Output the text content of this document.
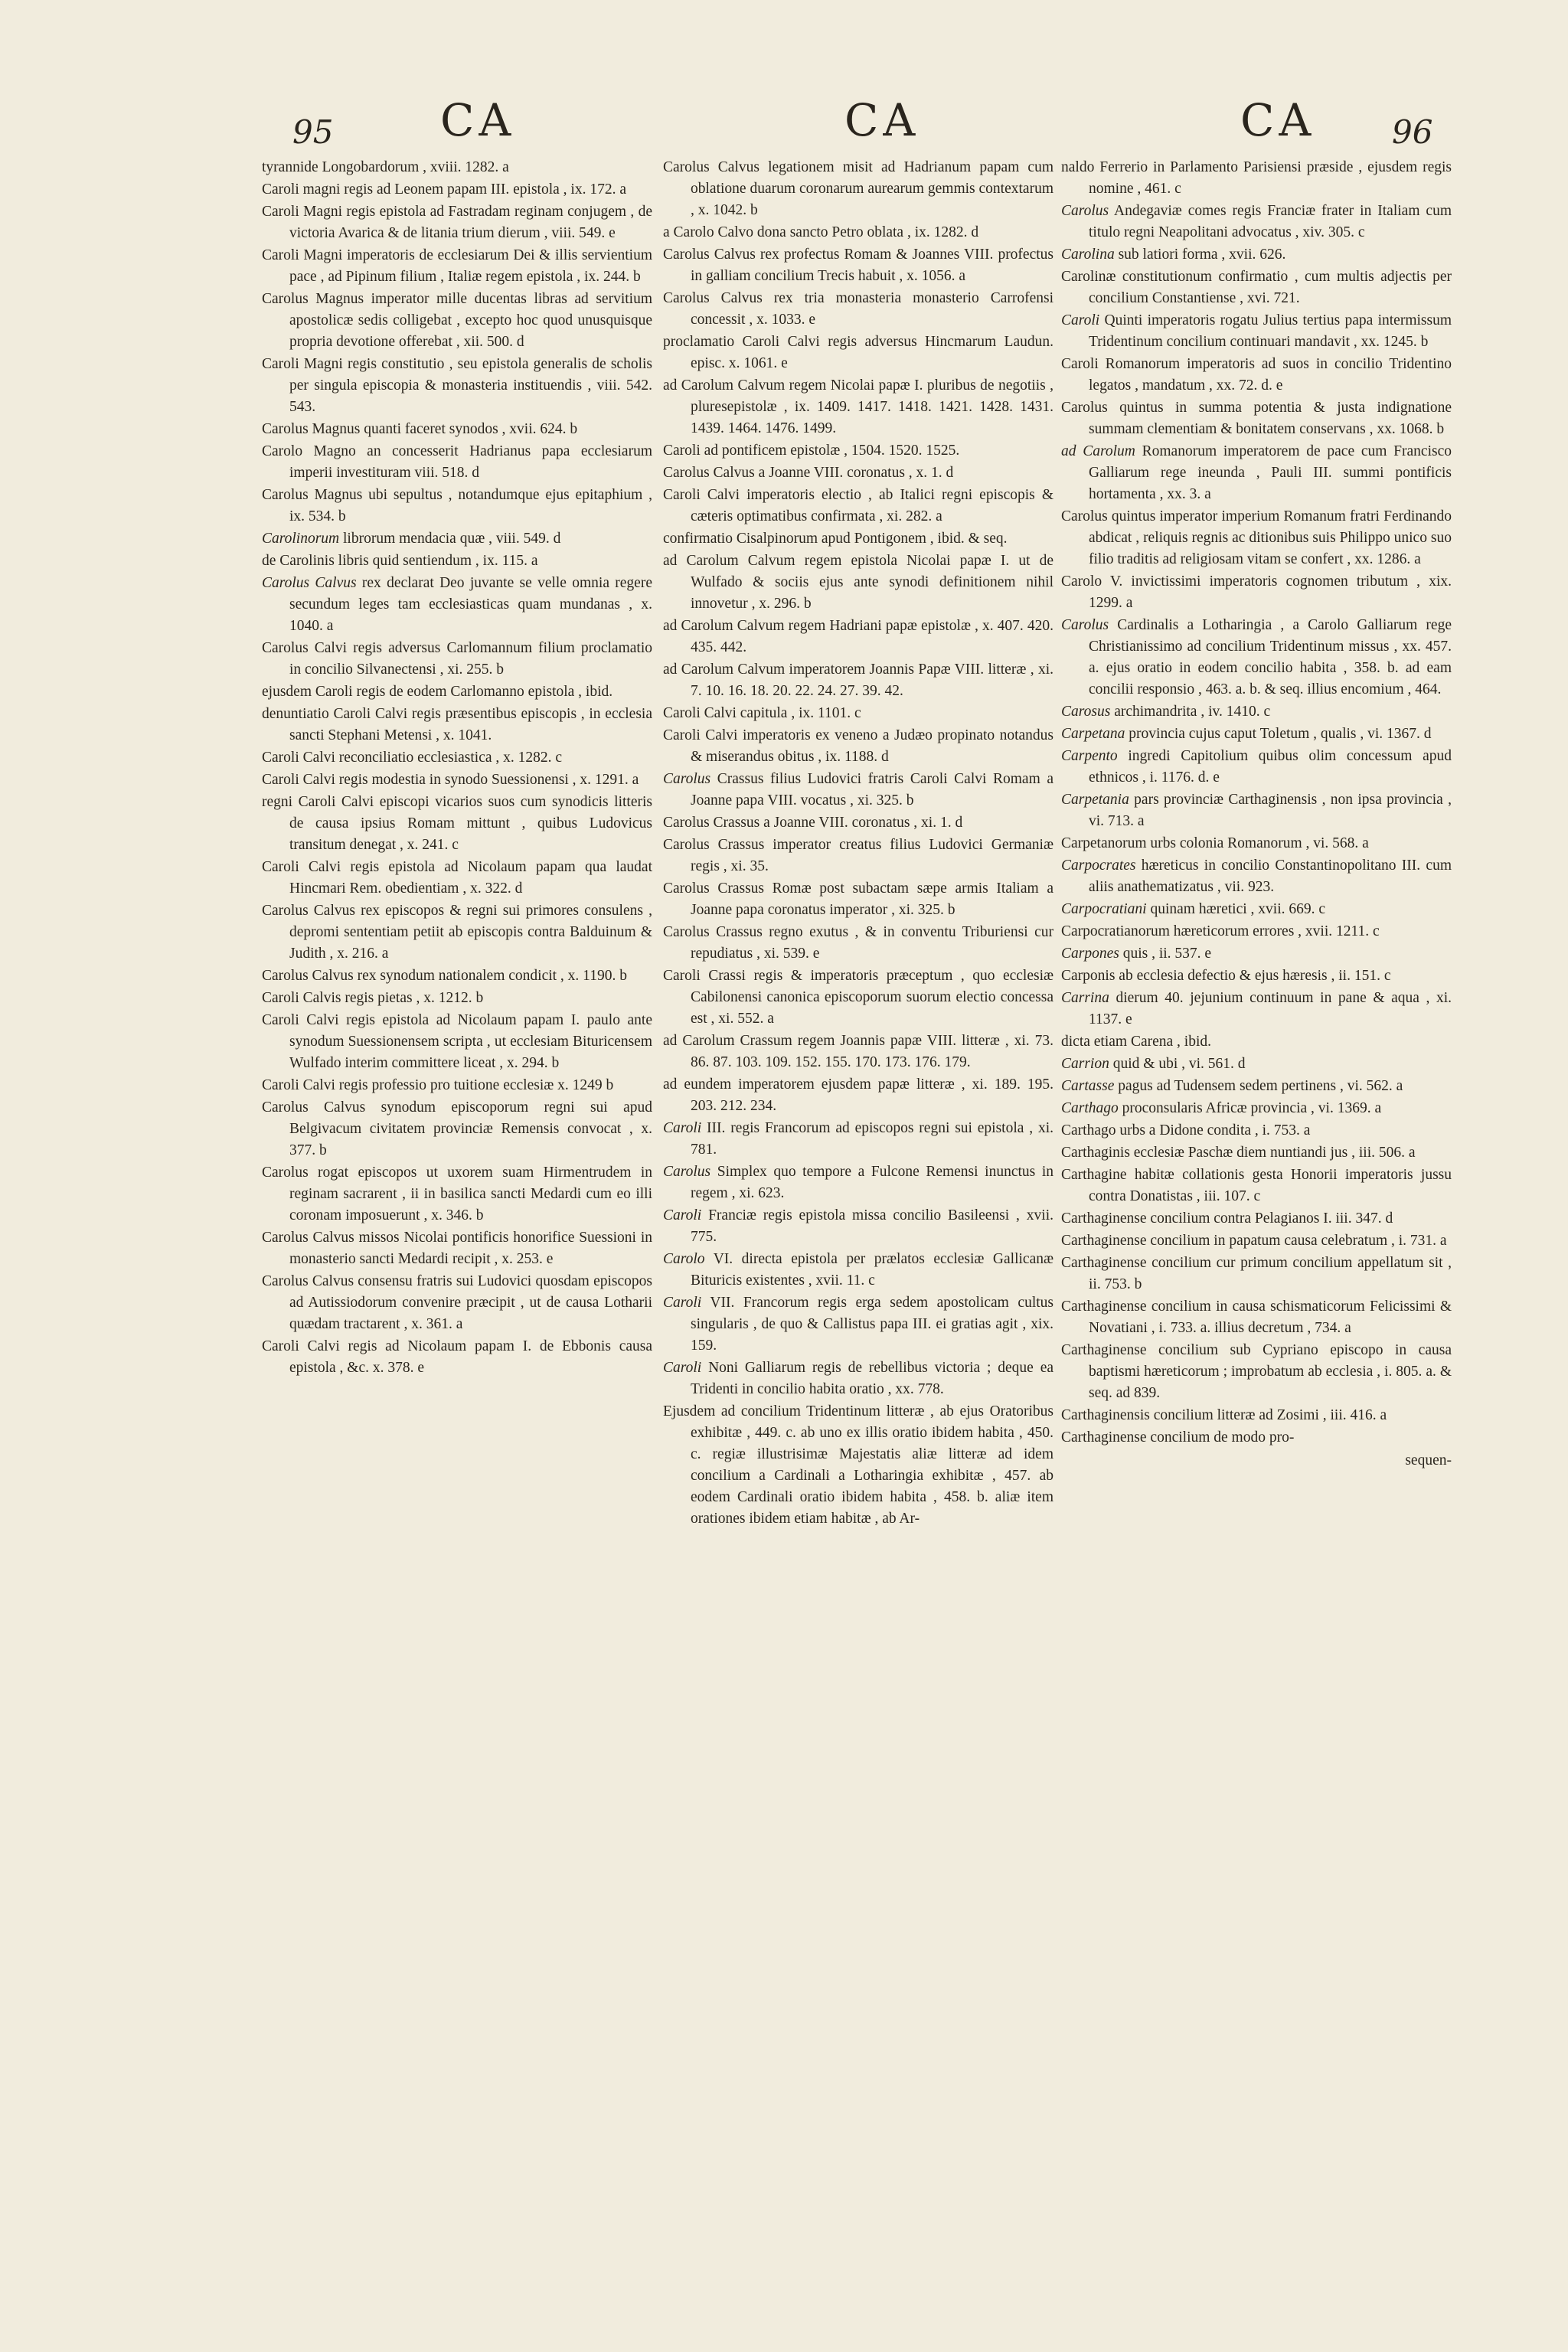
95 CA	CA	CA 96

tyrannide Longobardorum , xviii. 1282. a

Caroli magni regis ad Leonem papam III. epistola , ix. 172. a

Caroli Magni regis epistola ad Fastradam reginam conjugem , de victoria Avarica & de litania trium dierum , viii. 549. e

Caroli Magni imperatoris de ecclesiarum Dei & illis servientium pace , ad Pipinum filium , Italiæ regem epistola , ix. 244. b

Carolus Magnus imperator mille ducentas libras ad servitium apostolicæ sedis colligebat , excepto hoc quod unusquisque propria devotione offerebat , xii. 500. d

Caroli Magni regis constitutio , seu epistola generalis de scholis per singula episcopia & monasteria instituendis , viii. 542. 543.

Carolus Magnus quanti faceret synodos , xvii. 624. b

Carolo Magno an concesserit Hadrianus papa ecclesiarum imperii investituram viii. 518. d

Carolus Magnus ubi sepultus , notandumque ejus epitaphium , ix. 534. b

Carolinorum librorum mendacia quæ , viii. 549. d

de Carolinis libris quid sentiendum , ix. 115. a

Carolus Calvus rex declarat Deo juvante se velle omnia regere secundum leges tam ecclesiasticas quam mundanas , x. 1040. a

Carolus Calvi regis adversus Carlomannum filium proclamatio in concilio Silvanectensi , xi. 255. b

ejusdem Caroli regis de eodem Carlomanno epistola , ibid.

denuntiatio Caroli Calvi regis præsentibus episcopis , in ecclesia sancti Stephani Metensi , x. 1041.

Caroli Calvi reconciliatio ecclesiastica , x. 1282. c

Caroli Calvi regis modestia in synodo Suessionensi , x. 1291. a

regni Caroli Calvi episcopi vicarios suos cum synodicis litteris de causa ipsius Romam mittunt , quibus Ludovicus transitum denegat , x. 241. c

Caroli Calvi regis epistola ad Nicolaum papam qua laudat Hincmari Rem. obedientiam , x. 322. d

Carolus Calvus rex episcopos & regni sui primores consulens , depromi sententiam petiit ab episcopis contra Balduinum & Judith , x. 216. a

Carolus Calvus rex synodum nationalem condicit , x. 1190. b

Caroli Calvis regis pietas , x. 1212. b

Caroli Calvi regis epistola ad Nicolaum papam I. paulo ante synodum Suessionensem scripta , ut ecclesiam Bituricensem Wulfado interim committere liceat , x. 294. b

Caroli Calvi regis professio pro tuitione ecclesiæ x. 1249 b

Carolus Calvus synodum episcoporum regni sui apud Belgivacum civitatem provinciæ Remensis convocat , x. 377. b

Carolus rogat episcopos ut uxorem suam Hirmentrudem in reginam sacrarent , ii in basilica sancti Medardi cum eo illi coronam imposuerunt , x. 346. b

Carolus Calvus missos Nicolai pontificis honorifice Suessioni in monasterio sancti Medardi recipit , x. 253. e

Carolus Calvus consensu fratris sui Ludovici quosdam episcopos ad Autissiodorum convenire præcipit , ut de causa Lotharii quædam tractarent , x. 361. a

Caroli Calvi regis ad Nicolaum papam I. de Ebbonis causa epistola , &c. x. 378. e

Carolus Calvus legationem misit ad Hadrianum papam cum oblatione duarum coronarum aurearum gemmis contextarum , x. 1042. b

a Carolo Calvo dona sancto Petro oblata , ix. 1282. d

Carolus Calvus rex profectus Romam & Joannes VIII. profectus in galliam concilium Trecis habuit , x. 1056. a

Carolus Calvus rex tria monasteria monasterio Carrofensi concessit , x. 1033. e

proclamatio Caroli Calvi regis adversus Hincmarum Laudun. episc. x. 1061. e

ad Carolum Calvum regem Nicolai papæ I. pluribus de negotiis , pluresepistolæ , ix. 1409. 1417. 1418. 1421. 1428. 1431. 1439. 1464. 1476. 1499.

Caroli ad pontificem epistolæ , 1504. 1520. 1525.

Carolus Calvus a Joanne VIII. coronatus , x. 1. d

Caroli Calvi imperatoris electio , ab Italici regni episcopis & cæteris optimatibus confirmata , xi. 282. a

confirmatio Cisalpinorum apud Pontigonem , ibid. & seq.

ad Carolum Calvum regem epistola Nicolai papæ I. ut de Wulfado & sociis ejus ante synodi definitionem nihil innovetur , x. 296. b

ad Carolum Calvum regem Hadriani papæ epistolæ , x. 407. 420. 435. 442.

ad Carolum Calvum imperatorem Joannis Papæ VIII. litteræ , xi. 7. 10. 16. 18. 20. 22. 24. 27. 39. 42.

Caroli Calvi capitula , ix. 1101. c

Caroli Calvi imperatoris ex veneno a Judæo propinato notandus & miserandus obitus , ix. 1188. d

Carolus Crassus filius Ludovici fratris Caroli Calvi Romam a Joanne papa VIII. vocatus , xi. 325. b

Carolus Crassus a Joanne VIII. coronatus , xi. 1. d

Carolus Crassus imperator creatus filius Ludovici Germaniæ regis , xi. 35.

Carolus Crassus Romæ post subactam sæpe armis Italiam a Joanne papa coronatus imperator , xi. 325. b

Carolus Crassus regno exutus , & in conventu Triburiensi cur repudiatus , xi. 539. e

Caroli Crassi regis & imperatoris præceptum , quo ecclesiæ Cabilonensi canonica episcoporum suorum electio concessa est , xi. 552. a

ad Carolum Crassum regem Joannis papæ VIII. litteræ , xi. 73. 86. 87. 103. 109. 152. 155. 170. 173. 176. 179.

ad eundem imperatorem ejusdem papæ litteræ , xi. 189. 195. 203. 212. 234.

Caroli III. regis Francorum ad episcopos regni sui epistola , xi. 781.

Carolus Simplex quo tempore a Fulcone Remensi inunctus in regem , xi. 623.

Caroli Franciæ regis epistola missa concilio Basileensi , xvii. 775.

Carolo VI. directa epistola per prælatos ecclesiæ Gallicanæ Bituricis existentes , xvii. 11. c

Caroli VII. Francorum regis erga sedem apostolicam cultus singularis , de quo & Callistus papa III. ei gratias agit , xix. 159.

Caroli Noni Galliarum regis de rebellibus victoria ; deque ea Tridenti in concilio habita oratio , xx. 778.

Ejusdem ad concilium Tridentinum litteræ , ab ejus Oratoribus exhibitæ , 449. c. ab uno ex illis oratio ibidem habita , 450. c. regiæ illustrisimæ Majestatis aliæ litteræ ad idem concilium a Cardinali a Lotharingia exhibitæ , 457. ab eodem Cardinali oratio ibidem habita , 458. b. aliæ item orationes ibidem etiam habitæ , ab Ar-

naldo Ferrerio in Parlamento Parisiensi præside , ejusdem regis nomine , 461. c

Carolus Andegaviæ comes regis Franciæ frater in Italiam cum titulo regni Neapolitani advocatus , xiv. 305. c

Carolina sub latiori forma , xvii. 626.

Carolinæ constitutionum confirmatio , cum multis adjectis per concilium Constantiense , xvi. 721.

Caroli Quinti imperatoris rogatu Julius tertius papa intermissum Tridentinum concilium continuari mandavit , xx. 1245. b

Caroli Romanorum imperatoris ad suos in concilio Tridentino legatos , mandatum , xx. 72. d. e

Carolus quintus in summa potentia & justa indignatione summam clementiam & bonitatem conservans , xx. 1068. b

ad Carolum Romanorum imperatorem de pace cum Francisco Galliarum rege ineunda , Pauli III. summi pontificis hortamenta , xx. 3. a

Carolus quintus imperator imperium Romanum fratri Ferdinando abdicat , reliquis regnis ac ditionibus suis Philippo unico suo filio traditis ad religiosam vitam se confert , xx. 1286. a

Carolo V. invictissimi imperatoris cognomen tributum , xix. 1299. a

Carolus Cardinalis a Lotharingia , a Carolo Galliarum rege Christianissimo ad concilium Tridentinum missus , xx. 457. a. ejus oratio in eodem concilio habita , 358. b. ad eam concilii responsio , 463. a. b. & seq. illius encomium , 464.

Carosus archimandrita , iv. 1410. c

Carpetana provincia cujus caput Toletum , qualis , vi. 1367. d

Carpento ingredi Capitolium quibus olim concessum apud ethnicos , i. 1176. d. e

Carpetania pars provinciæ Carthaginensis , non ipsa provincia , vi. 713. a

Carpetanorum urbs colonia Romanorum , vi. 568. a

Carpocrates hæreticus in concilio Constantinopolitano III. cum aliis anathematizatus , vii. 923.

Carpocratiani quinam hæretici , xvii. 669. c

Carpocratianorum hæreticorum errores , xvii. 1211. c

Carpones quis , ii. 537. e

Carponis ab ecclesia defectio & ejus hæresis , ii. 151. c

Carrina dierum 40. jejunium continuum in pane & aqua , xi. 1137. e

dicta etiam Carena , ibid.

Carrion quid & ubi , vi. 561. d

Cartasse pagus ad Tudensem sedem pertinens , vi. 562. a

Carthago proconsularis Africæ provincia , vi. 1369. a

Carthago urbs a Didone condita , i. 753. a

Carthaginis ecclesiæ Paschæ diem nuntiandi jus , iii. 506. a

Carthagine habitæ collationis gesta Honorii imperatoris jussu contra Donatistas , iii. 107. c

Carthaginense concilium contra Pelagianos I. iii. 347. d

Carthaginense concilium in papatum causa celebratum , i. 731. a

Carthaginense concilium cur primum concilium appellatum sit , ii. 753. b

Carthaginense concilium in causa schismaticorum Felicissimi & Novatiani , i. 733. a. illius decretum , 734. a

Carthaginense concilium sub Cypriano episcopo in causa baptismi hæreticorum ; improbatum ab ecclesia , i. 805. a. & seq. ad 839.

Carthaginensis concilium litteræ ad Zosimi , iii. 416. a

Carthaginense concilium de modo pro-

sequen-
